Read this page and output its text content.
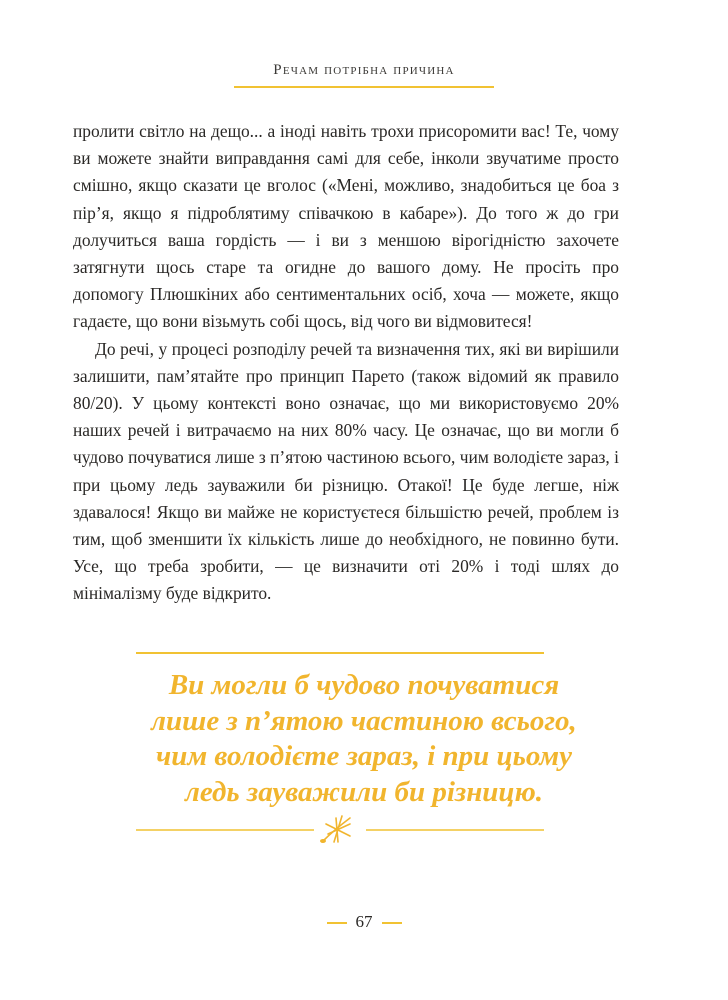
Речам потрібна причина

пролити світло на дещо... а іноді навіть трохи присоромити вас! Те, чому ви можете знайти виправдання самі для себе, інколи звучатиме просто смішно, якщо сказати це вголос («Мені, можливо, знадобиться це боа з пір’я, якщо я підроблятиму співачкою в кабаре»). До того ж до гри долучиться ваша гордість — і ви з меншою вірогідністю захочете затягнути щось старе та огидне до вашого дому. Не просіть про допомогу Плюшкіних або сентиментальних осіб, хоча — можете, якщо гадаєте, що вони візьмуть собі щось, від чого ви відмовитеся!

До речі, у процесі розподілу речей та визначення тих, які ви вирішили залишити, пам’ятайте про принцип Парето (також відомий як правило 80/20). У цьому контексті воно означає, що ми використовуємо 20% наших речей і витрачаємо на них 80% часу. Це означає, що ви могли б чудово почуватися лише з п’ятою частиною всього, чим володієте зараз, і при цьому ледь зауважили би різницю. Отакої! Це буде легше, ніж здавалося! Якщо ви майже не користуєтеся більшістю речей, проблем із тим, щоб зменшити їх кількість лише до необхідного, не повинно бути. Усе, що треба зробити, — це визначити оті 20% і тоді шлях до мінімалізму буде відкрито.

Ви могли б чудово почуватися
лише з п’ятою частиною всього,
чим володієте зараз, і при цьому
ледь зауважили би різницю.
67
